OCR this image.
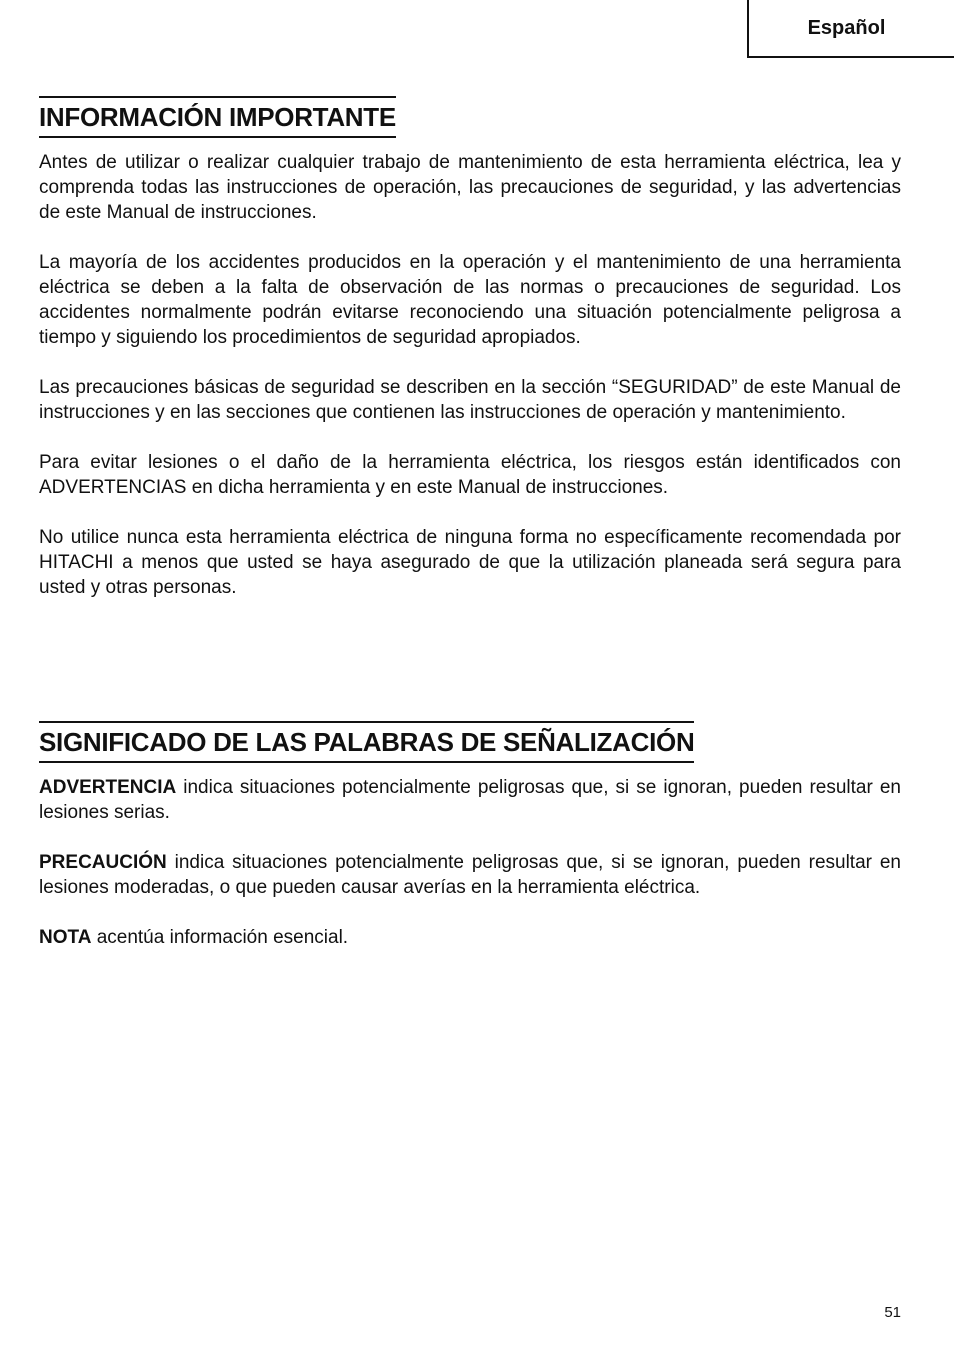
Español
INFORMACIÓN IMPORTANTE

Antes de utilizar o realizar cualquier trabajo de mantenimiento de esta herramienta eléctrica, lea y comprenda todas las instrucciones de operación, las precauciones de seguridad, y las advertencias de este Manual de instrucciones.

La mayoría de los accidentes producidos en la operación y el mantenimiento de una herramienta eléctrica se deben a la falta de observación de las normas o precauciones de seguridad. Los accidentes normalmente podrán evitarse reconociendo una situación potencialmente peligrosa a tiempo y siguiendo los procedimientos de seguridad apropiados.

Las precauciones básicas de seguridad se describen en la sección “SEGURIDAD” de este Manual de instrucciones y en las secciones que contienen las instrucciones de operación y mantenimiento.

Para evitar lesiones o el daño de la herramienta eléctrica, los riesgos están identificados con ADVERTENCIAS en dicha herramienta y en este Manual de instrucciones.

No utilice nunca esta herramienta eléctrica de ninguna forma no específicamente recomendada por HITACHI a menos que usted se haya asegurado de que la utilización planeada será segura para usted y otras personas.

SIGNIFICADO DE LAS PALABRAS DE SEÑALIZACIÓN

ADVERTENCIA indica situaciones potencialmente peligrosas que, si se ignoran, pueden resultar en lesiones serias.

PRECAUCIÓN indica situaciones potencialmente peligrosas que, si se ignoran, pueden resultar en lesiones moderadas, o que pueden causar averías en la herramienta eléctrica.

NOTA acentúa información esencial.

51
